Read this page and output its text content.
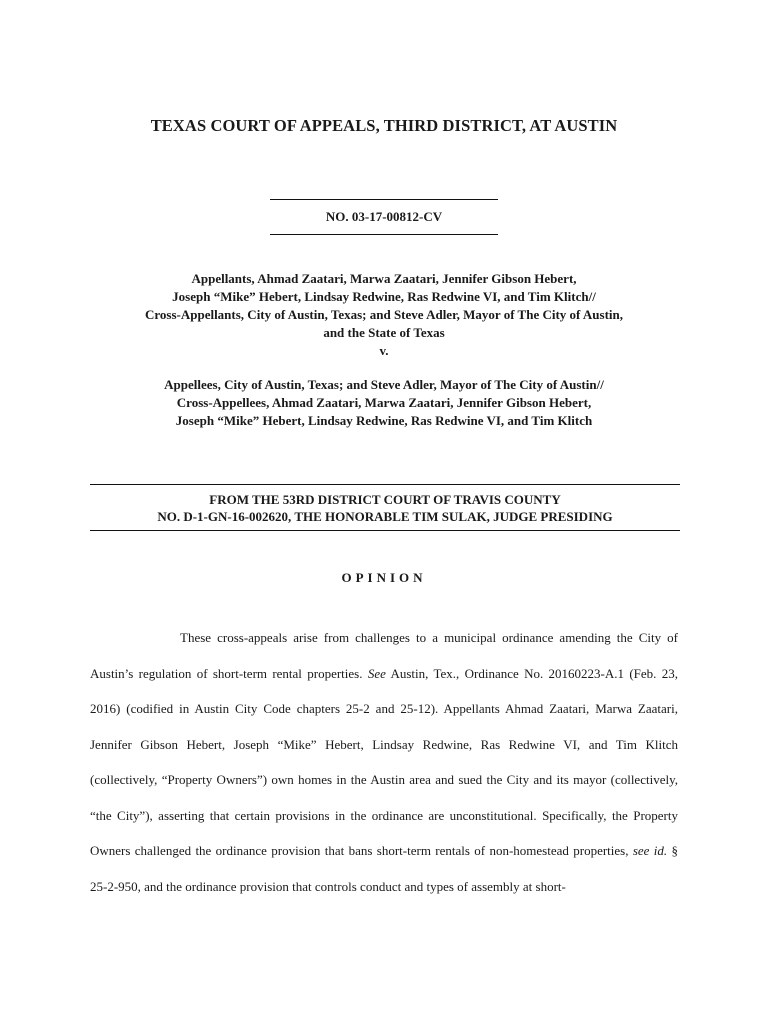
TEXAS COURT OF APPEALS, THIRD DISTRICT, AT AUSTIN
NO. 03-17-00812-CV
Appellants, Ahmad Zaatari, Marwa Zaatari, Jennifer Gibson Hebert,
Joseph “Mike” Hebert, Lindsay Redwine, Ras Redwine VI, and Tim Klitch//
Cross-Appellants, City of Austin, Texas; and Steve Adler, Mayor of The City of Austin,
and the State of Texas
v.
Appellees, City of Austin, Texas; and Steve Adler, Mayor of The City of Austin//
Cross-Appellees, Ahmad Zaatari, Marwa Zaatari, Jennifer Gibson Hebert,
Joseph “Mike” Hebert, Lindsay Redwine, Ras Redwine VI, and Tim Klitch
FROM THE 53RD DISTRICT COURT OF TRAVIS COUNTY
NO. D-1-GN-16-002620, THE HONORABLE TIM SULAK, JUDGE PRESIDING
OPINION
These cross-appeals arise from challenges to a municipal ordinance amending the City of Austin’s regulation of short-term rental properties. See Austin, Tex., Ordinance No. 20160223-A.1 (Feb. 23, 2016) (codified in Austin City Code chapters 25-2 and 25-12). Appellants Ahmad Zaatari, Marwa Zaatari, Jennifer Gibson Hebert, Joseph “Mike” Hebert, Lindsay Redwine, Ras Redwine VI, and Tim Klitch (collectively, “Property Owners”) own homes in the Austin area and sued the City and its mayor (collectively, “the City”), asserting that certain provisions in the ordinance are unconstitutional. Specifically, the Property Owners challenged the ordinance provision that bans short-term rentals of non-homestead properties, see id. § 25-2-950, and the ordinance provision that controls conduct and types of assembly at short-
